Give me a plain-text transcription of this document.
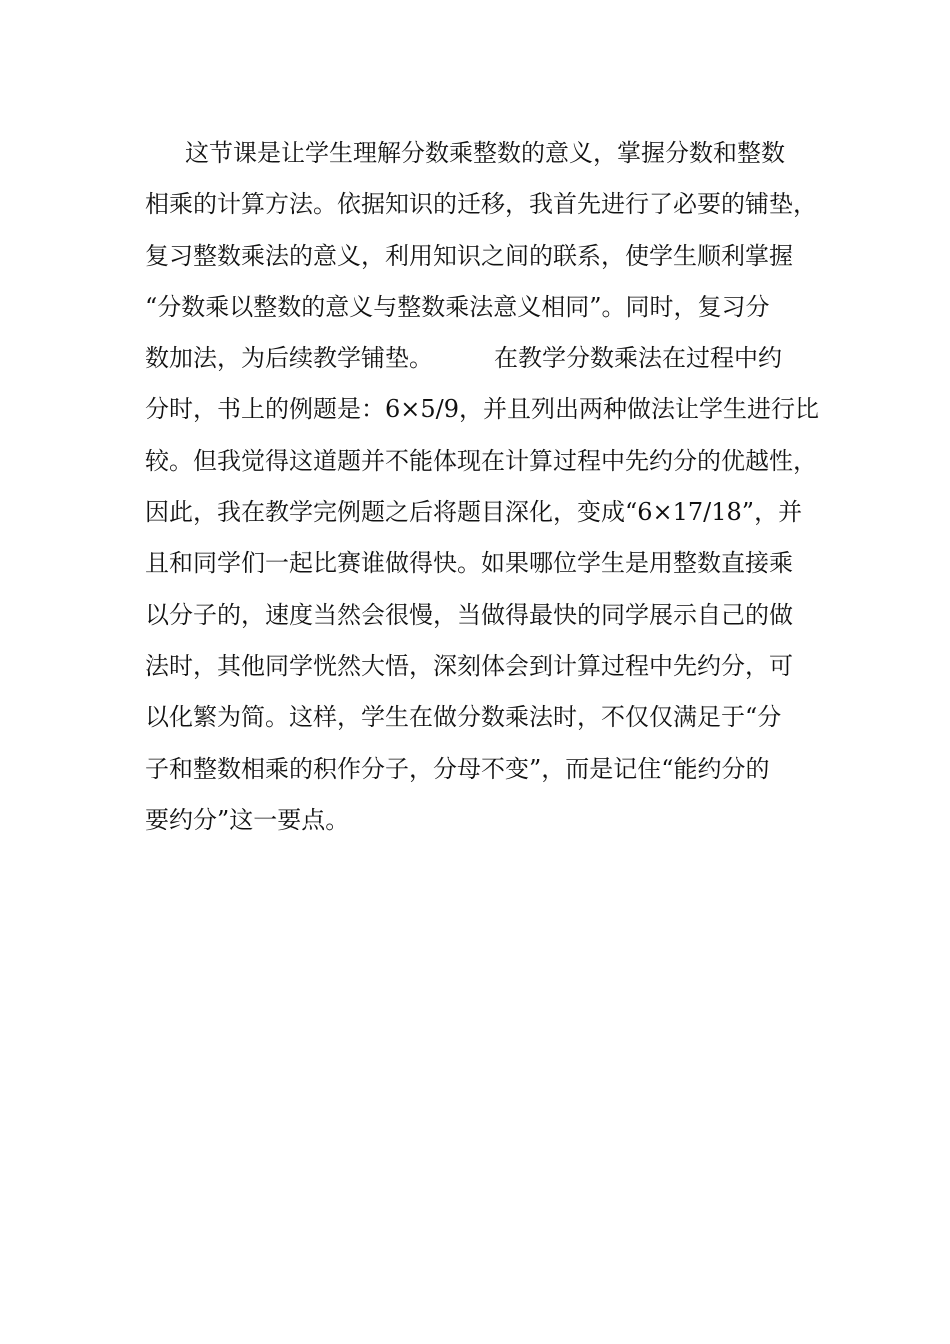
这节课是让学生理解分数乘整数的意义，掌握分数和整数
相乘的计算方法。依据知识的迁移，我首先进行了必要的铺垫，
复习整数乘法的意义，利用知识之间的联系，使学生顺利掌握
“分数乘以整数的意义与整数乘法意义相同”。同时，复习分
数加法，为后续教学铺垫。        在教学分数乘法在过程中约
分时，书上的例题是：6×5/9，并且列出两种做法让学生进行比
较。但我觉得这道题并不能体现在计算过程中先约分的优越性，
因此，我在教学完例题之后将题目深化，变成“6×17/18”，并
且和同学们一起比赛谁做得快。如果哪位学生是用整数直接乘
以分子的，速度当然会很慢，当做得最快的同学展示自己的做
法时，其他同学恍然大悟，深刻体会到计算过程中先约分，可
以化繁为简。这样，学生在做分数乘法时，不仅仅满足于“分
子和整数相乘的积作分子，分母不变”，而是记住“能约分的
要约分”这一要点。
